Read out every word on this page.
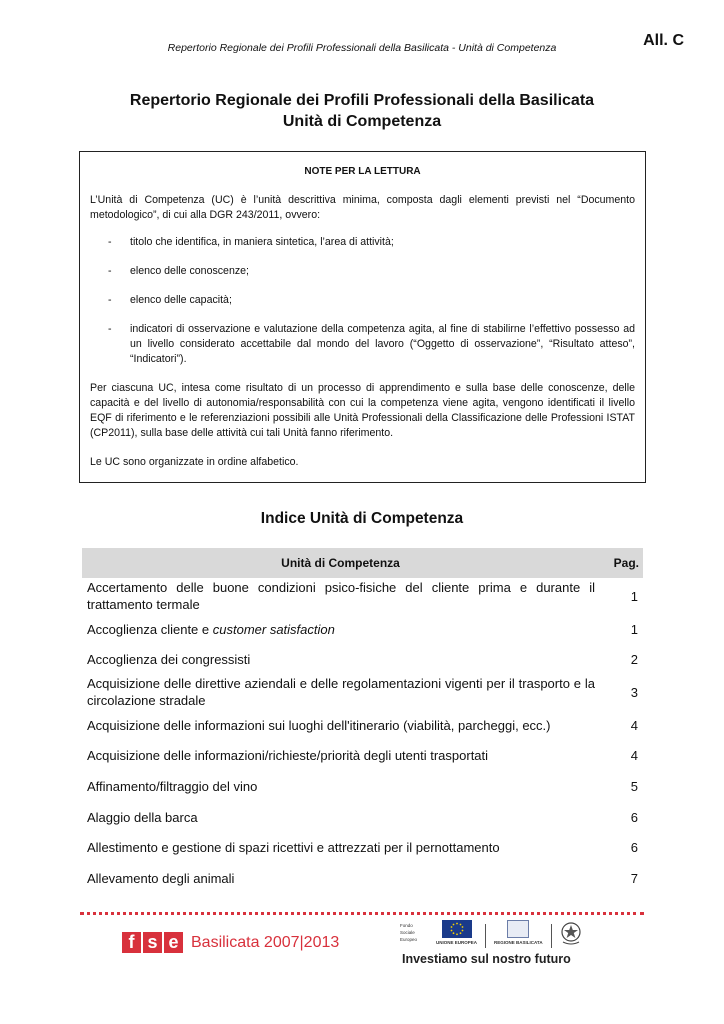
Repertorio Regionale dei Profili Professionali della Basilicata - Unità di Competenza	All. C
Repertorio Regionale dei Profili Professionali della Basilicata
Unità di Competenza
NOTE PER LA LETTURA

L’Unità di Competenza (UC) è l’unità descrittiva minima, composta dagli elementi previsti nel “Documento metodologico”, di cui alla DGR 243/2011, ovvero:

-	titolo che identifica, in maniera sintetica, l’area di attività;
-	elenco delle conoscenze;
-	elenco delle capacità;
-	indicatori di osservazione e valutazione della competenza agita, al fine di stabilirne l’effettivo possesso ad un livello considerato accettabile dal mondo del lavoro (“Oggetto di osservazione”, “Risultato atteso”, “Indicatori”).

Per ciascuna UC, intesa come risultato di un processo di apprendimento e sulla base delle conoscenze, delle capacità e del livello di autonomia/responsabilità con cui la competenza viene agita, vengono identificati il livello EQF di riferimento e le referenziazioni possibili alle Unità Professionali della Classificazione delle Professioni ISTAT (CP2011), sulla base delle attività cui tali Unità fanno riferimento.

Le UC sono organizzate in ordine alfabetico.

Indice Unità di Competenza
Unità di Competenza	Pag.
Accertamento delle buone condizioni psico-fisiche del cliente prima e durante il trattamento termale	1
Accoglienza cliente e customer satisfaction	1
Accoglienza dei congressisti	2
Acquisizione delle direttive aziendali e delle regolamentazioni vigenti per il trasporto e la circolazione stradale	3
Acquisizione delle informazioni sui luoghi dell'itinerario (viabilità, parcheggi, ecc.)	4
Acquisizione delle informazioni/richieste/priorità degli utenti trasportati	4
Affinamento/filtraggio del vino	5
Alaggio della barca	6
Allestimento e gestione di spazi ricettivi e attrezzati per il pernottamento	6
Allevamento degli animali	7
f s e Basilicata 2007|2013
Fondo
Sociale
Europeo
UNIONE EUROPEA	REGIONE BASILICATA
Investiamo sul nostro futuro
